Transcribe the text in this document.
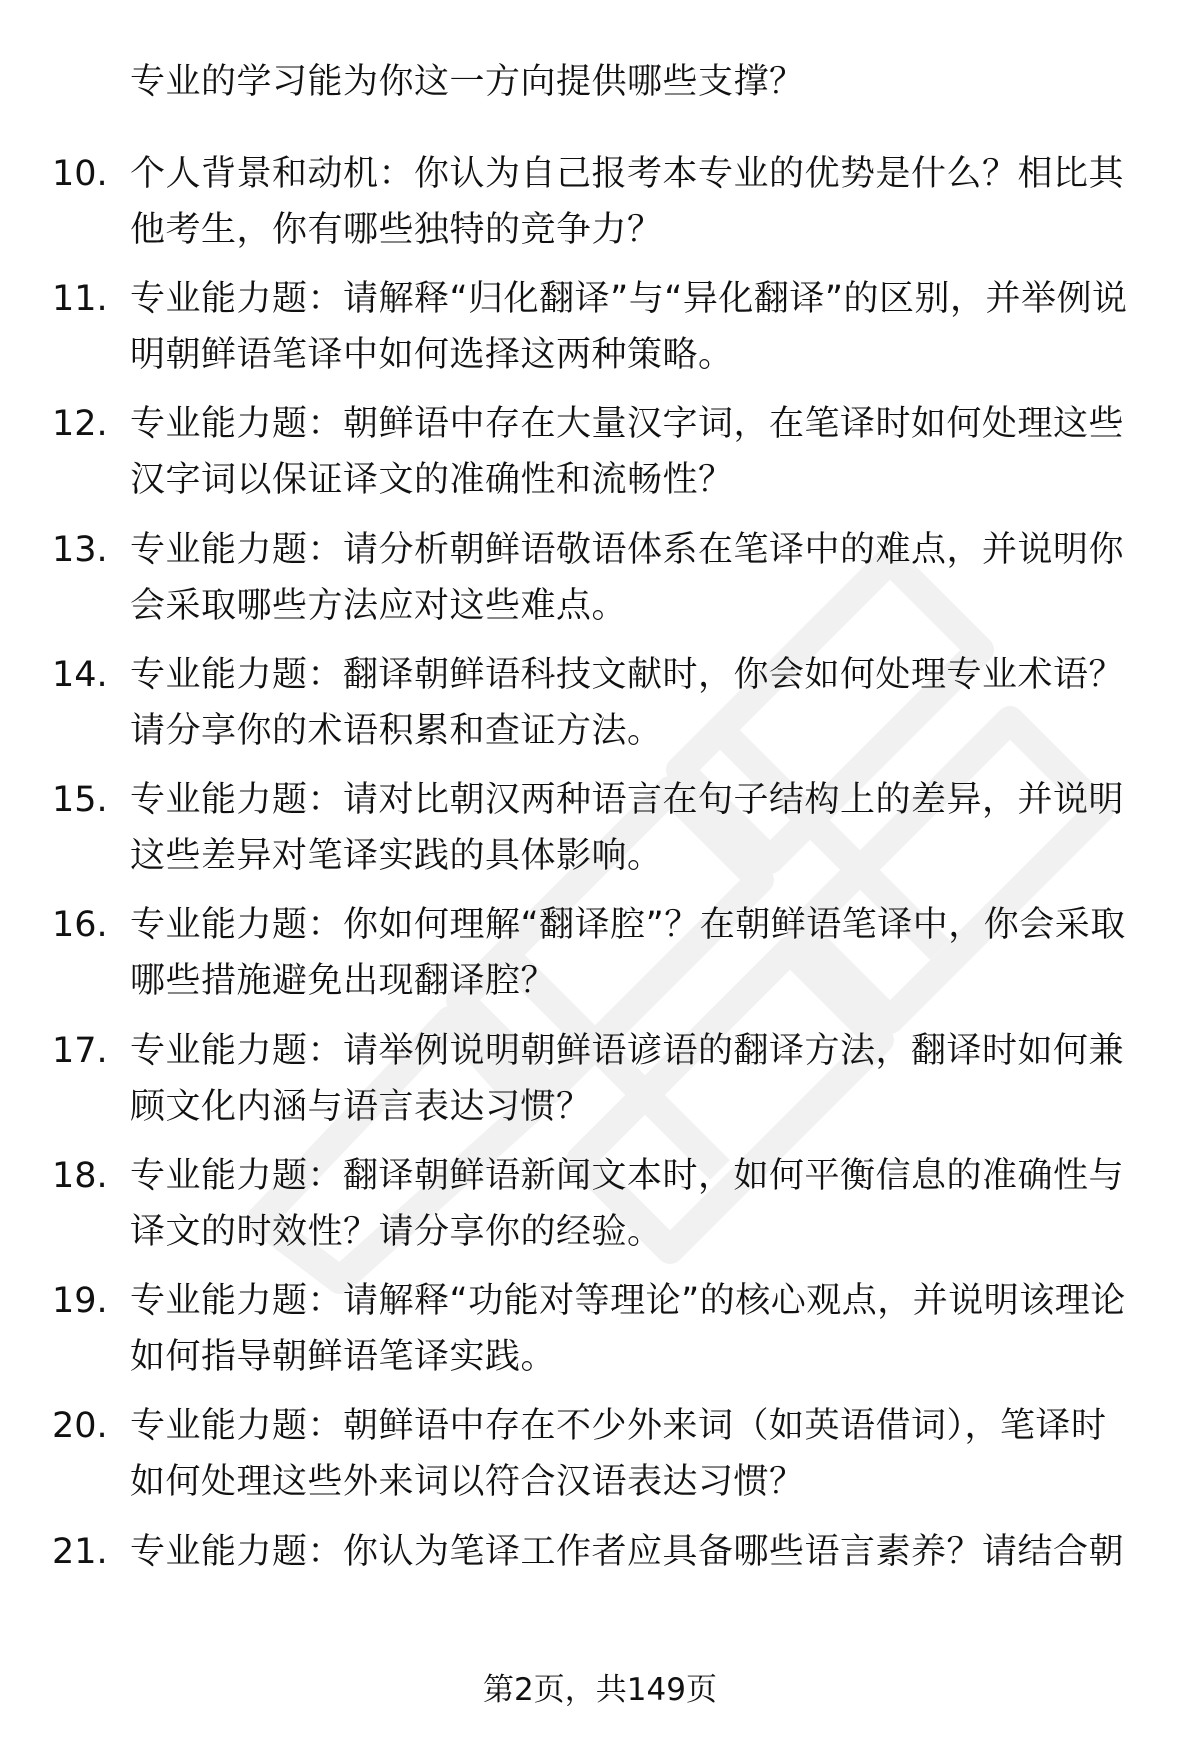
专业的学习能为你这一方向提供哪些支撑？
10. 个人背景和动机：你认为自己报考本专业的优势是什么？相比其他考生，你有哪些独特的竞争力？
11. 专业能力题：请解释“归化翻译”与“异化翻译”的区别，并举例说明朝鲜语笔译中如何选择这两种策略。
12. 专业能力题：朝鲜语中存在大量汉字词，在笔译时如何处理这些汉字词以保证译文的准确性和流畅性？
13. 专业能力题：请分析朝鲜语敬语体系在笔译中的难点，并说明你会采取哪些方法应对这些难点。
14. 专业能力题：翻译朝鲜语科技文献时，你会如何处理专业术语？请分享你的术语积累和查证方法。
15. 专业能力题：请对比朝汉两种语言在句子结构上的差异，并说明这些差异对笔译实践的具体影响。
16. 专业能力题：你如何理解“翻译腔”？在朝鲜语笔译中，你会采取哪些措施避免出现翻译腔？
17. 专业能力题：请举例说明朝鲜语谚语的翻译方法，翻译时如何兼顾文化内涵与语言表达习惯？
18. 专业能力题：翻译朝鲜语新闻文本时，如何平衡信息的准确性与译文的时效性？请分享你的经验。
19. 专业能力题：请解释“功能对等理论”的核心观点，并说明该理论如何指导朝鲜语笔译实践。
20. 专业能力题：朝鲜语中存在不少外来词（如英语借词），笔译时如何处理这些外来词以符合汉语表达习惯？
21. 专业能力题：你认为笔译工作者应具备哪些语言素养？请结合朝
第2页，共149页
